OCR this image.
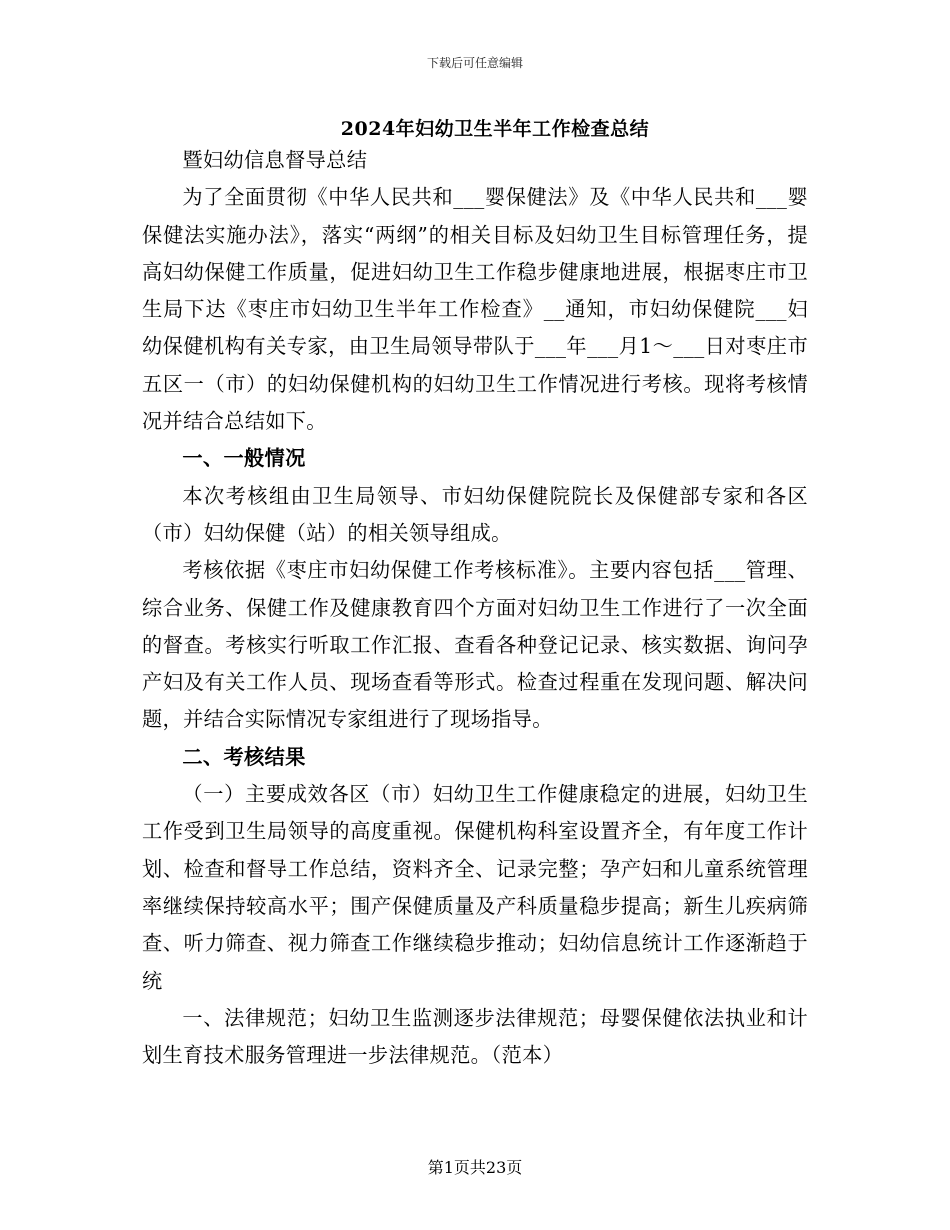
下载后可任意编辑
2024年妇幼卫生半年工作检查总结

暨妇幼信息督导总结

为了全面贯彻《中华人民共和___婴保健法》及《中华人民共和___婴保健法实施办法》，落实“两纲”的相关目标及妇幼卫生目标管理任务，提高妇幼保健工作质量，促进妇幼卫生工作稳步健康地进展，根据枣庄市卫生局下达《枣庄市妇幼卫生半年工作检查》__通知，市妇幼保健院___妇幼保健机构有关专家，由卫生局领导带队于___年___月1～___日对枣庄市五区一（市）的妇幼保健机构的妇幼卫生工作情况进行考核。现将考核情况并结合总结如下。

一、一般情况

本次考核组由卫生局领导、市妇幼保健院院长及保健部专家和各区（市）妇幼保健（站）的相关领导组成。

考核依据《枣庄市妇幼保健工作考核标准》。主要内容包括___管理、综合业务、保健工作及健康教育四个方面对妇幼卫生工作进行了一次全面的督查。考核实行听取工作汇报、查看各种登记记录、核实数据、询问孕产妇及有关工作人员、现场查看等形式。检查过程重在发现问题、解决问题，并结合实际情况专家组进行了现场指导。

二、考核结果

（一）主要成效各区（市）妇幼卫生工作健康稳定的进展，妇幼卫生工作受到卫生局领导的高度重视。保健机构科室设置齐全，有年度工作计划、检查和督导工作总结，资料齐全、记录完整；孕产妇和儿童系统管理率继续保持较高水平；围产保健质量及产科质量稳步提高；新生儿疾病筛查、听力筛查、视力筛查工作继续稳步推动；妇幼信息统计工作逐渐趋于统

一、法律规范；妇幼卫生监测逐步法律规范；母婴保健依法执业和计划生育技术服务管理进一步法律规范。（范本）

第1页共23页
